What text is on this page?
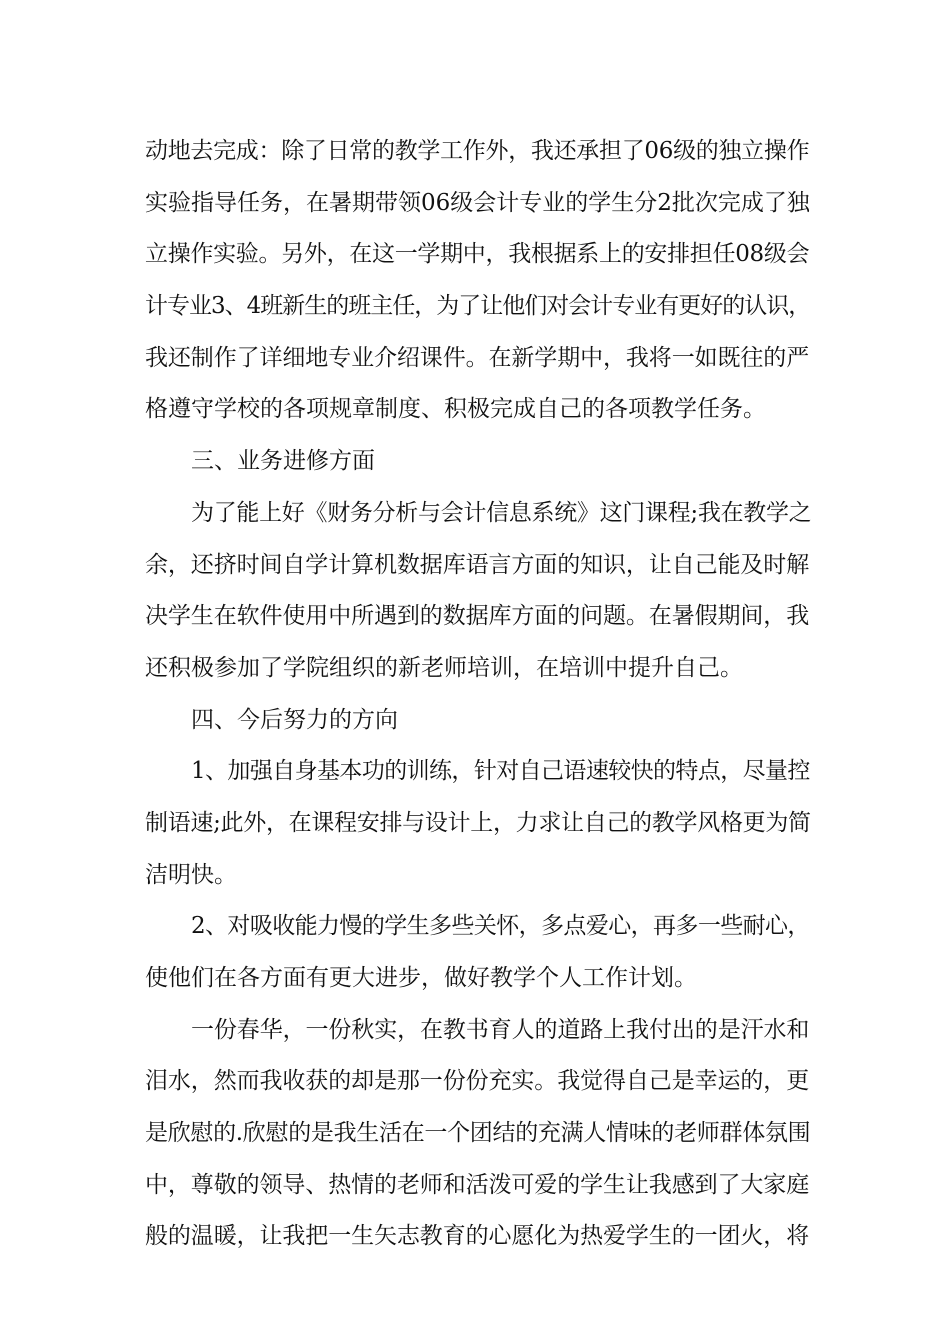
动地去完成：除了日常的教学工作外，我还承担了06级的独立操作
实验指导任务，在暑期带领06级会计专业的学生分2批次完成了独
立操作实验。另外，在这一学期中，我根据系上的安排担任08级会
计专业3、4班新生的班主任，为了让他们对会计专业有更好的认识，
我还制作了详细地专业介绍课件。在新学期中，我将一如既往的严
格遵守学校的各项规章制度、积极完成自己的各项教学任务。
三、业务进修方面
为了能上好《财务分析与会计信息系统》这门课程;我在教学之
余，还挤时间自学计算机数据库语言方面的知识，让自己能及时解
决学生在软件使用中所遇到的数据库方面的问题。在暑假期间，我
还积极参加了学院组织的新老师培训，在培训中提升自己。
四、今后努力的方向
1、加强自身基本功的训练，针对自己语速较快的特点，尽量控
制语速;此外，在课程安排与设计上，力求让自己的教学风格更为简
洁明快。
2、对吸收能力慢的学生多些关怀，多点爱心，再多一些耐心，
使他们在各方面有更大进步，做好教学个人工作计划。
一份春华，一份秋实，在教书育人的道路上我付出的是汗水和
泪水，然而我收获的却是那一份份充实。我觉得自己是幸运的，更
是欣慰的.欣慰的是我生活在一个团结的充满人情味的老师群体氛围
中，尊敬的领导、热情的老师和活泼可爱的学生让我感到了大家庭
般的温暖，让我把一生矢志教育的心愿化为热爱学生的一团火，将
